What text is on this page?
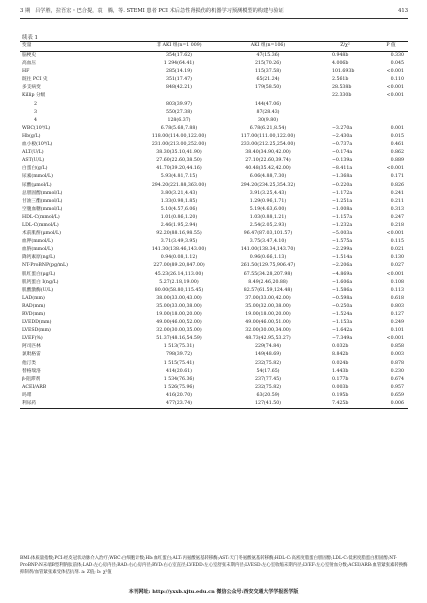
3 期 吕学胜，拉吾宏・巴合提，袁　腾，等. STEMI 患者 PCI 术后急性肾损伤的机器学习预测模型的构建与验证	413
续表 1
变量	非 AKI 组(n=1 009)	AKI 组(n=106)	Z/χ²	P 值
脑梗史	354(17.62)	47(15.36)	0.948b	0.330
高血压	1 294(64.41)	215(70.26)	4.006b	0.045
HF	285(14.19)	115(37.58)	101.693b	<0.001
既往 PCI 史	351(17.47)	65(21.24)	2.561b	0.110
多支病变	848(42.21)	179(58.50)	28.538b	<0.001
Killip 分级			22.330b	<0.001
2	803(39.97)	144(47.06)		
3	550(27.38)	87(28.43)		
4	128(6.37)	30(9.80)		
WBC(10⁹/L)	6.78(5.68,7.88)	6.78(6.21,8.54)	−3.270a	0.001
Hb(g/L)	118.00(114.00,122.00)	117.00(111.00,122.00)	−2.430a	0.015
血小板(10⁹/L)	231.00(213.00,252.00)	233.00(212.25,254.00)	−0.737a	0.461
ALT(U/L)	38.30(35.10,41.90)	38.40(34.90,42.00)	−0.174a	0.862
AST(U/L)	27.60(22.60,38.50)	27.10(22.60,39.74)	−0.139a	0.889
白蛋白(g/L)	41.70(39.20,44.16)	40.48(35.42,42.00)	−8.411a	<0.001
尿素(mmol/L)	5.93(4.81,7.15)	6.06(4.88,7.30)	−1.368a	0.171
尿酸(μmol/L)	294.20(221.88,363.00)	294.20(234.25,354.32)	−0.220a	0.826
总胆固醇(mmol/L)	3.80(3.21,4.43)	3.91(3.25,4.43)	−1.172a	0.241
甘油三酯(mmol/L)	1.33(0.98,1.85)	1.29(0.96,1.71)	−1.251a	0.211
空腹血糖(mmol/L)	5.10(4.57,6.06)	5.19(4.63,6.00)	−1.008a	0.313
HDL-C(mmol/L)	1.01(0.86,1.20)	1.03(0.88,1.21)	−1.157a	0.247
LDL-C(mmol/L)	2.46(1.95,2.94)	2.54(2.05,2.93)	−1.232a	0.218
术前肌酐(μmol/L)	92.20(88.16,98.55)	96.47(87.03,101.57)	−5.003a	<0.001
血钾(mmol/L)	3.71(3.49,3.95)	3.75(3.47,4.10)	−1.575a	0.115
血钠(mmol/L)	141.30(138.46,143.00)	141.00(138.34,143.70)	−2.299a	0.021
降钙素原(ng/L)	0.94(0.08,1.12)	0.96(0.66,1.13)	−1.514a	0.130
NT-ProBNP(pg/mL)	227.00(89.20,847.00)	261.50(129.75,906.47)	−2.206a	0.027
肌红蛋白(μg/L)	45.23(26.14,113.00)	67.55(34.28,207.98)	−4.869a	<0.001
肌钙蛋白 I(ng/L)	5.27(2.18,19.00)	8.49(2.46,20.88)	−1.606a	0.108
肌酸激酶(U/L)	80.00(58.80,115.45)	82.57(61.59,124.48)	−1.586a	0.113
LAD(mm)	38.00(33.00,43.00)	37.00(33.00,42.00)	−0.598a	0.618
RAD(mm)	35.00(33.00,38.00)	35.00(32.00,38.00)	−0.250a	0.803
RVD(mm)	19.00(18.00,20.00)	19.00(18.00,20.00)	−1.524a	0.127
LVEDD(mm)	49.00(46.00,52.00)	49.00(46.00,51.00)	−1.153a	0.249
LVESD(mm)	32.00(30.00,35.00)	32.00(30.00,34.00)	−1.642a	0.101
LVEF(%)	51.37(48.16,54.59)	48.73(42.95,53.27)	−7.349a	<0.001
阿司匹林	1 513(75.31)	229(74.84)	0.032b	0.858
氯吡格雷	798(39.72)	149(48.69)	8.842b	0.003
他汀类	1 515(75.41)	232(75.82)	0.024b	0.878
替格瑞洛	414(20.61)	54(17.65)	1.443b	0.230
β-阻滞剂	1 534(76.36)	237(77.45)	0.177b	0.674
ACEI/ARB	1 526(75.96)	232(75.82)	0.003b	0.957
吗啡	416(20.70)	63(20.59)	0.195b	0.659
利尿药	477(23.74)	127(41.50)	7.425b	0.006
BMI:体质量指数;PCI:经皮冠状动脉介入治疗;WBC:白细胞计数;Hb:血红蛋白;ALT:丙氨酸氨基转移酶;AST:天门冬氨酸氨基转移酶;HDL-C:高密度脂蛋白胆固醇;LDL-C:低密度脂蛋白胆固醇;NT-ProBNP:N末端B型利钠肽前体;LAD:左心房内径;RAD:右心房内径;RVD:右心室直径;LVEDD:左心室舒张末期内径;LVESD:左心室收缩末期内径;LVEF:左心室射血分数;ACEI/ARB:血管紧张素转换酶抑制剂/血管紧张素受体拮抗剂. a: Z值; b: χ²值
本刊网址: http://yxxb.xjtu.edu.cn 微信公众号:西安交通大学学报医学版
